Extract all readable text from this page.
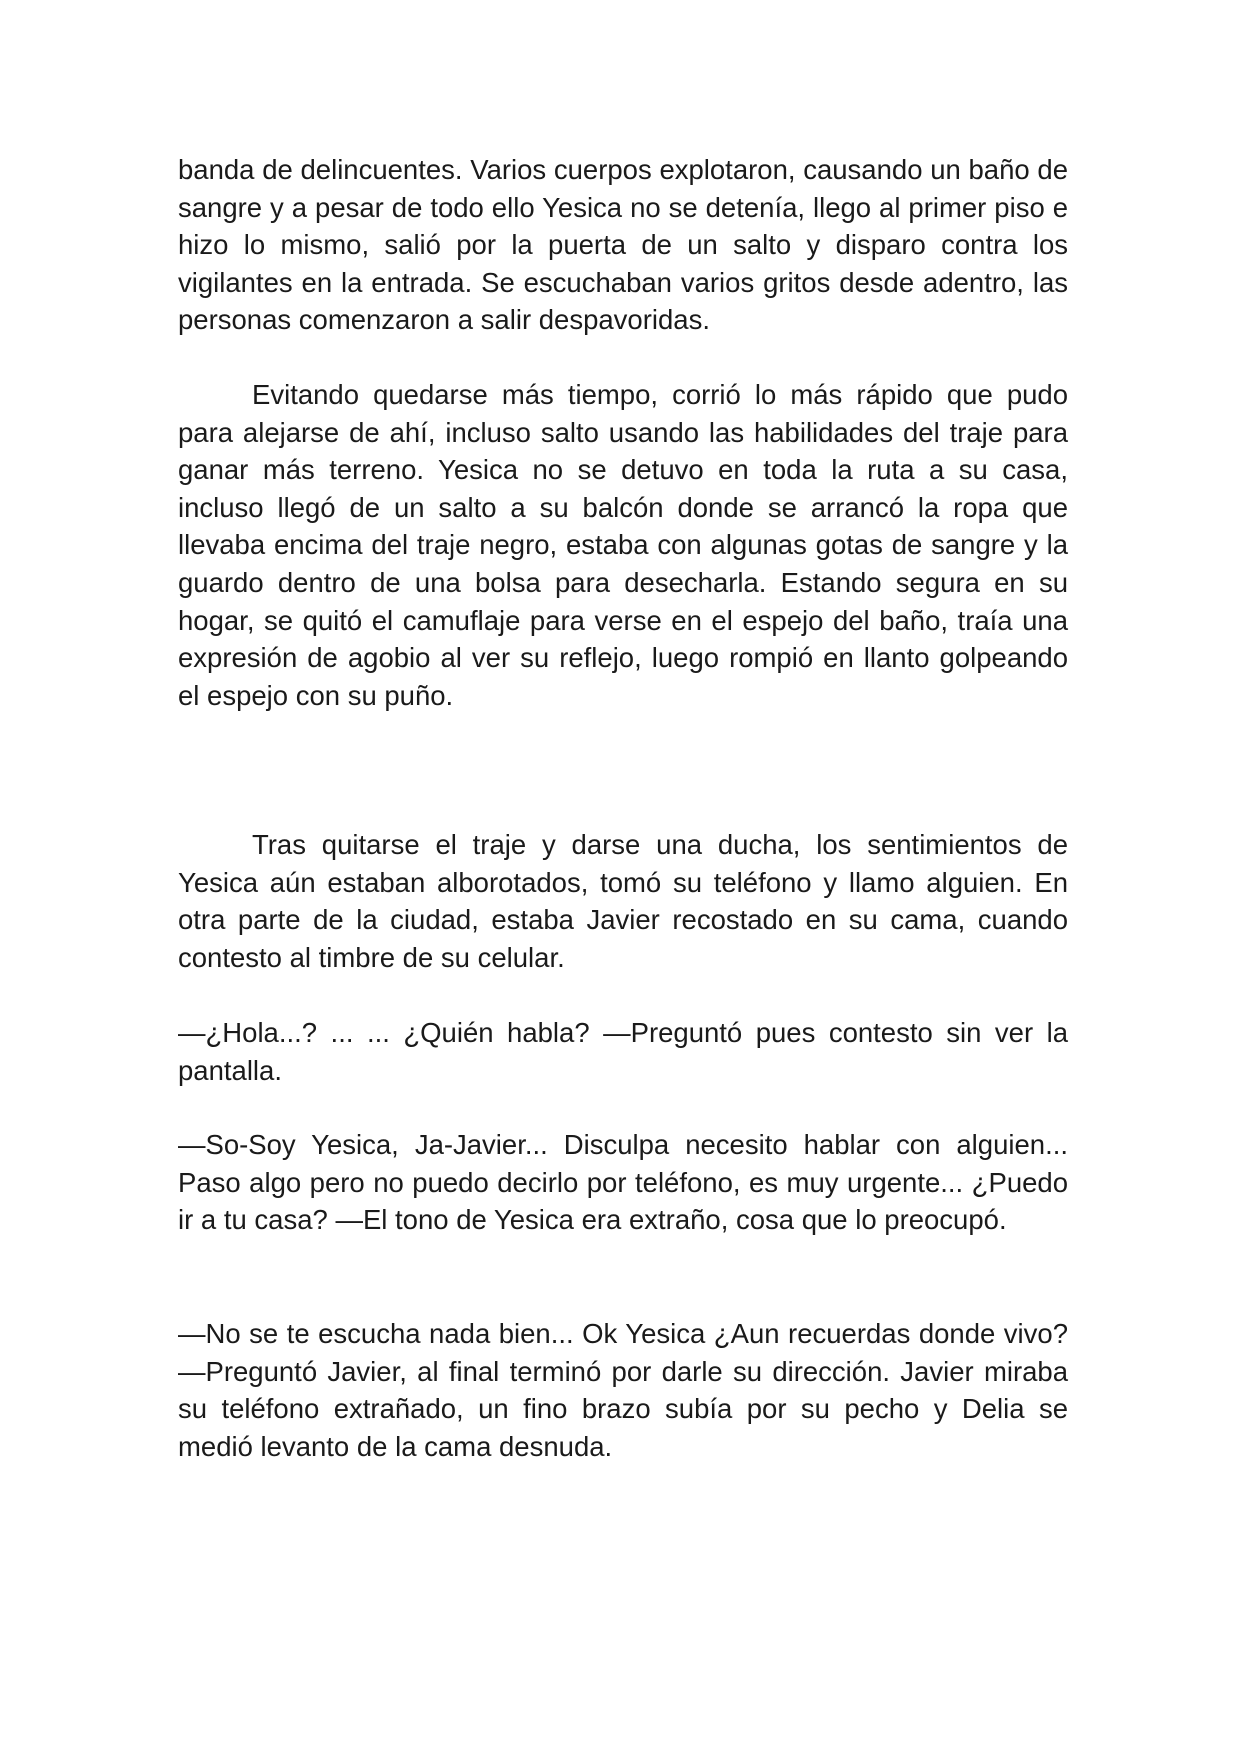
banda de delincuentes. Varios cuerpos explotaron, causando un baño de sangre y a pesar de todo ello Yesica no se detenía, llego al primer piso e hizo lo mismo, salió por la puerta de un salto y disparo contra los vigilantes en la entrada. Se escuchaban varios gritos desde adentro, las personas comenzaron a salir despavoridas.

Evitando quedarse más tiempo, corrió lo más rápido que pudo para alejarse de ahí, incluso salto usando las habilidades del traje para ganar más terreno. Yesica no se detuvo en toda la ruta a su casa, incluso llegó de un salto a su balcón donde se arrancó la ropa que llevaba encima del traje negro, estaba con algunas gotas de sangre y la guardo dentro de una bolsa para desecharla. Estando segura en su hogar, se quitó el camuflaje para verse en el espejo del baño, traía una expresión de agobio al ver su reflejo, luego rompió en llanto golpeando el espejo con su puño.

Tras quitarse el traje y darse una ducha, los sentimientos de Yesica aún estaban alborotados, tomó su teléfono y llamo alguien. En otra parte de la ciudad, estaba Javier recostado en su cama, cuando contesto al timbre de su celular.

—¿Hola...? ... ... ¿Quién habla? —Preguntó pues contesto sin ver la pantalla.

—So-Soy Yesica, Ja-Javier... Disculpa necesito hablar con alguien... Paso algo pero no puedo decirlo por teléfono, es muy urgente... ¿Puedo ir a tu casa? —El tono de Yesica era extraño, cosa que lo preocupó.

—No se te escucha nada bien... Ok Yesica ¿Aun recuerdas donde vivo? —Preguntó Javier, al final terminó por darle su dirección. Javier miraba su teléfono extrañado, un fino brazo subía por su pecho y Delia se medió levanto de la cama desnuda.
